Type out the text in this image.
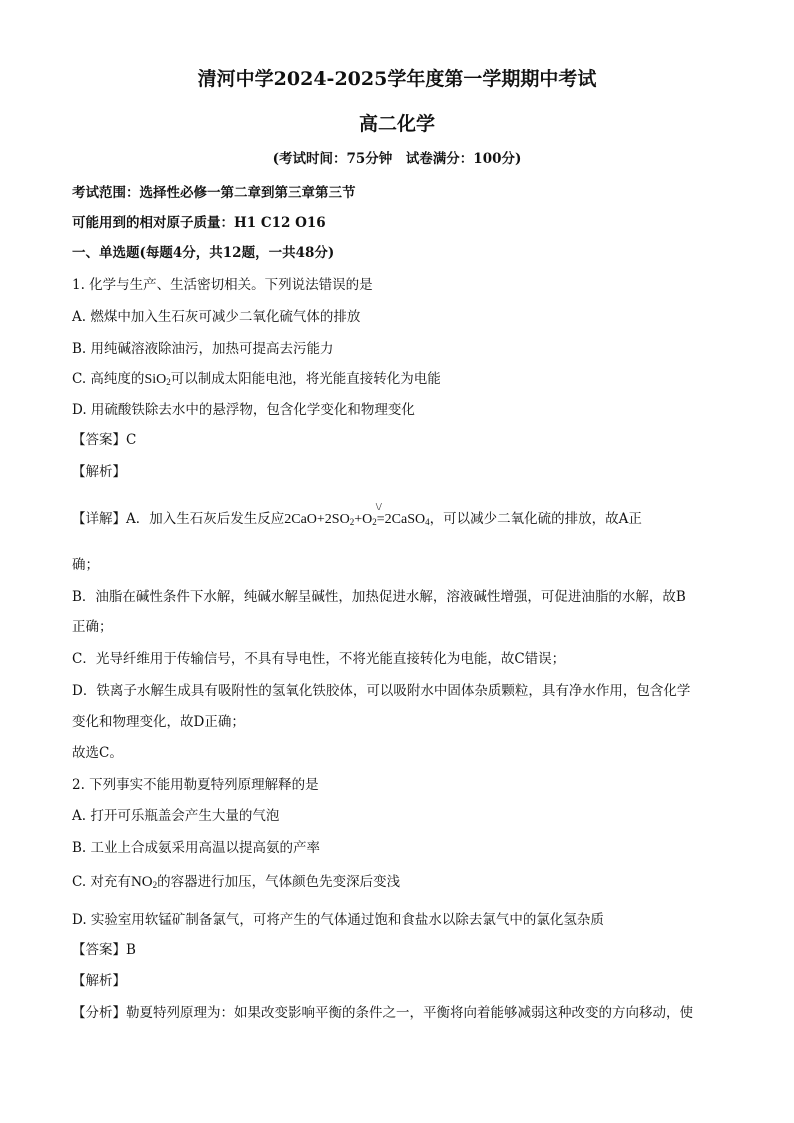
清河中学2024-2025学年度第一学期期中考试
高二化学
(考试时间：75分钟　试卷满分：100分)
考试范围：选择性必修一第二章到第三章第三节
可能用到的相对原子质量：H1 C12 O16
一、单选题(每题4分，共12题，一共48分)
1. 化学与生产、生活密切相关。下列说法错误的是
A. 燃煤中加入生石灰可减少二氧化硫气体的排放
B. 用纯碱溶液除油污，加热可提高去污能力
C. 高纯度的SiO$_2$可以制成太阳能电池，将光能直接转化为电能
D. 用硫酸铁除去水中的悬浮物，包含化学变化和物理变化
【答案】C
【解析】
【详解】A．加入生石灰后发生反应$2CaO+2SO_2+O_2$
\/
=2CaSO$_4$，可以减少二氧化硫的排放，故A正
确；
B．油脂在碱性条件下水解，纯碱水解呈碱性，加热促进水解，溶液碱性增强，可促进油脂的水解，故B
正确；
C．光导纤维用于传输信号，不具有导电性，不将光能直接转化为电能，故C错误；
D．铁离子水解生成具有吸附性的氢氧化铁胶体，可以吸附水中固体杂质颗粒，具有净水作用，包含化学
变化和物理变化，故D正确；
故选C。
2. 下列事实不能用勒夏特列原理解释的是
A. 打开可乐瓶盖会产生大量的气泡
B. 工业上合成氨采用高温以提高氨的产率
C. 对充有$NO_2$的容器进行加压，气体颜色先变深后变浅
D. 实验室用软锰矿制备氯气，可将产生的气体通过饱和食盐水以除去氯气中的氯化氢杂质
【答案】B
【解析】
【分析】勒夏特列原理为：如果改变影响平衡的条件之一，平衡将向着能够减弱这种改变的方向移动，使
